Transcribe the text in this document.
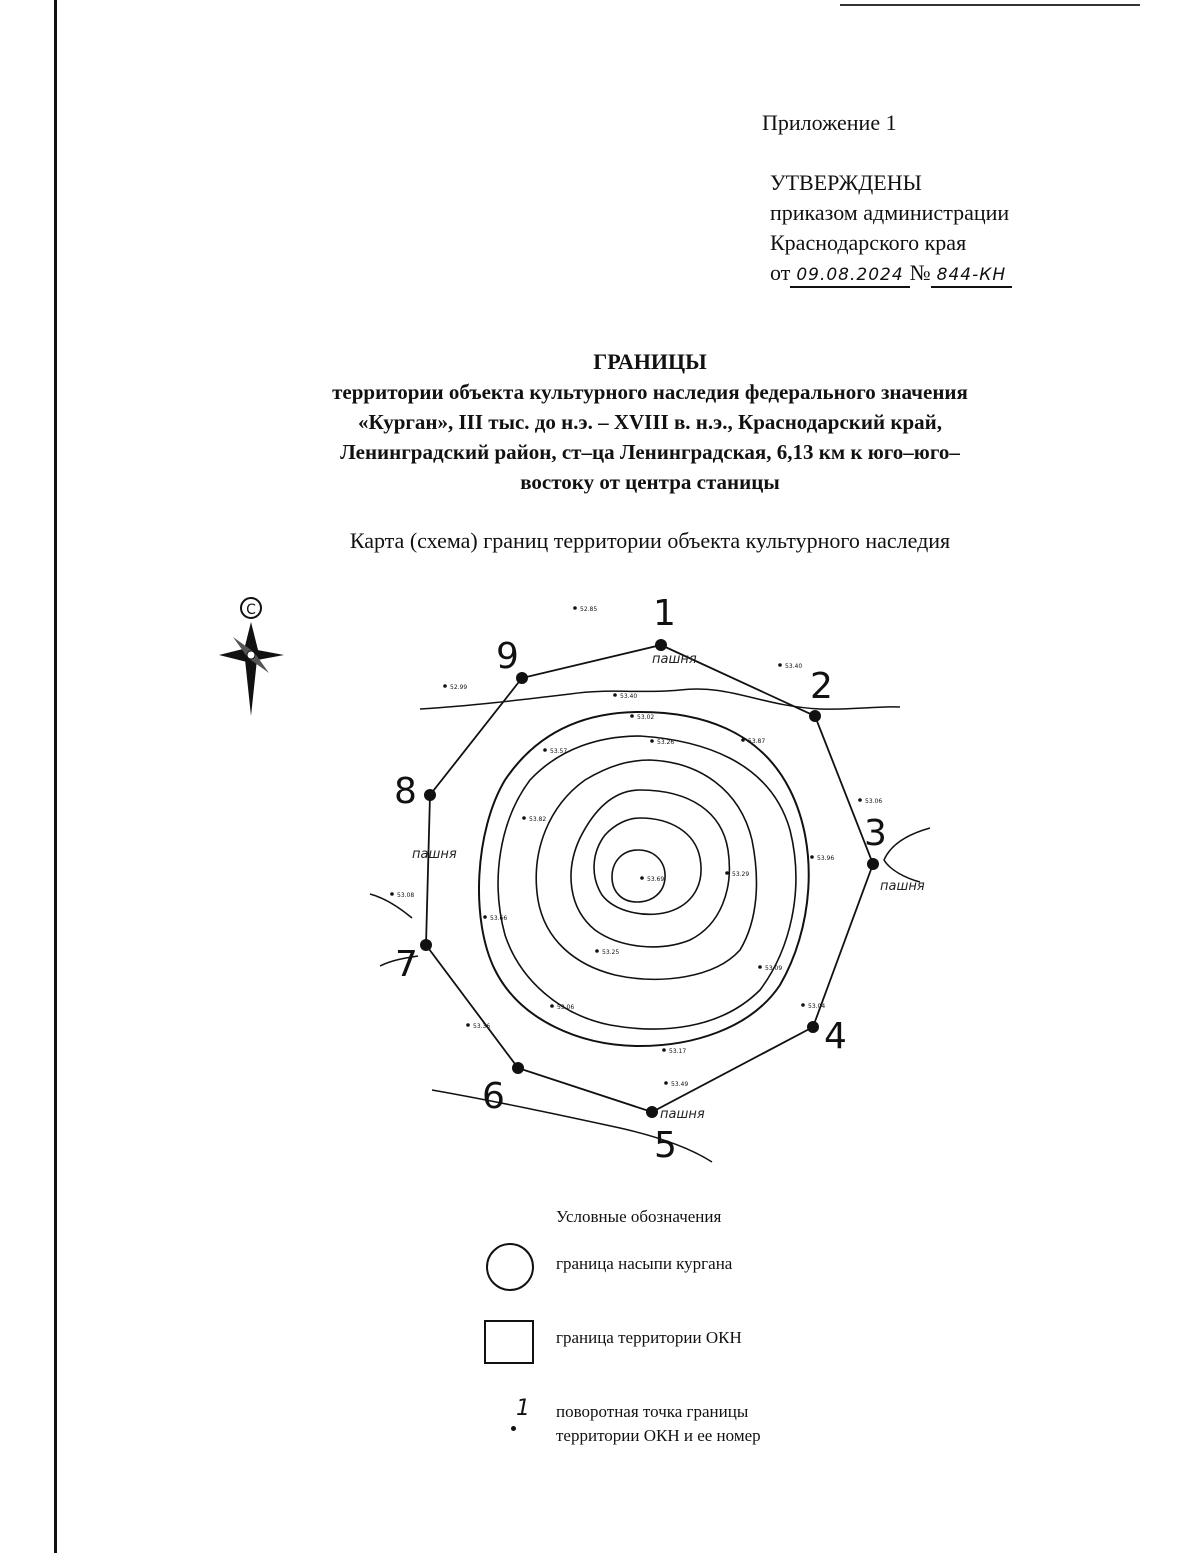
Приложение 1
УТВЕРЖДЕНЫ
приказом администрации
Краснодарского края
от 09.08.2024 № 844-КН
ГРАНИЦЫ
территории объекта культурного наследия федерального значения
«Курган», III тыс. до н.э. – XVIII в. н.э., Краснодарский край,
Ленинградский район, ст–ца Ленинградская, 6,13 км к юго–юго–
востоку от центра станицы
Карта (схема) границ территории объекта культурного наследия
С	1
2
3
4
5
6
7
8
9	пашня
пашня
пашня
пашня
52.85
53.40
52.99
53.02
53.57
53.26	53.87
53.82
53.06
53.96
53.08
53.69
53.29
53.09
53.66
53.25
53.06	53.04
53.36
53.17
53.49
53.40
Условные обозначения
граница насыпи кургана
граница территории ОКН
1 поворотная точка границы
территории ОКН и ее номер
